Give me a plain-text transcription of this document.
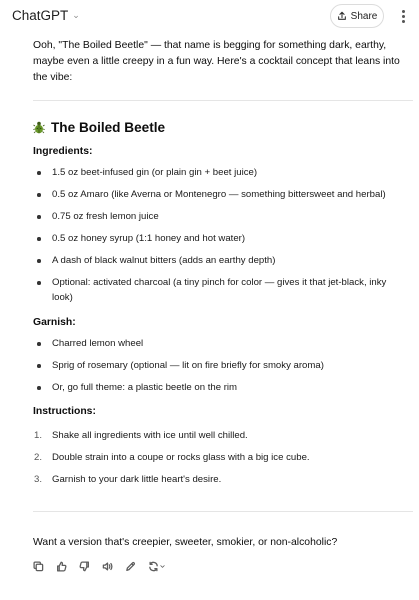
ChatGPT ⌄	Share

Ooh, "The Boiled Beetle" — that name is begging for something dark, earthy, maybe even a little creepy in a fun way. Here's a cocktail concept that leans into the vibe:

The Boiled Beetle
Ingredients:
1.5 oz beet-infused gin (or plain gin + beet juice)
0.5 oz Amaro (like Averna or Montenegro — something bittersweet and herbal)
0.75 oz fresh lemon juice
0.5 oz honey syrup (1:1 honey and hot water)
A dash of black walnut bitters (adds an earthy depth)
Optional: activated charcoal (a tiny pinch for color — gives it that jet-black, inky look)
Garnish:
Charred lemon wheel
Sprig of rosemary (optional — lit on fire briefly for smoky aroma)
Or, go full theme: a plastic beetle on the rim
Instructions:
1. Shake all ingredients with ice until well chilled.
2. Double strain into a coupe or rocks glass with a big ice cube.
3. Garnish to your dark little heart's desire.
Want a version that's creepier, sweeter, smokier, or non-alcoholic?
